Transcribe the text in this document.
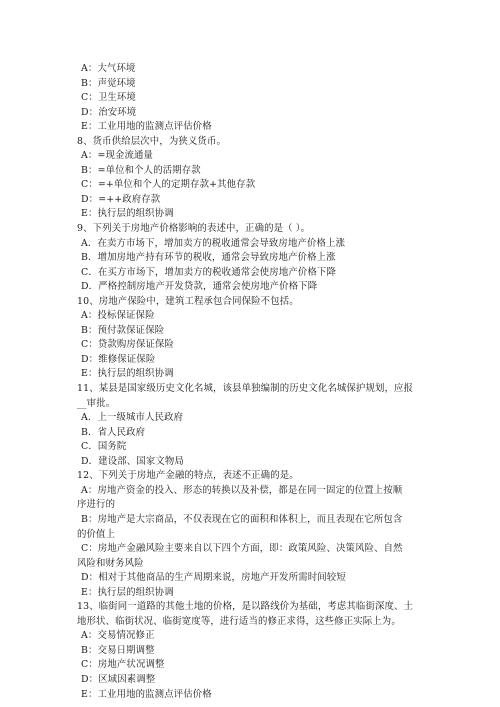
A：大气环境
B：声觉环境
C：卫生环境
D：治安环境
E：工业用地的监测点评估价格
8、货币供给层次中，为狭义货币。
A：=现金流通量
B：=单位和个人的活期存款
C：=+单位和个人的定期存款+其他存款
D：=++政府存款
E：执行层的组织协调
9、下列关于房地产价格影响的表述中，正确的是（ ）。
A．在卖方市场下，增加卖方的税收通常会导致房地产价格上涨
B．增加房地产持有环节的税收，通常会导致房地产价格上涨
C．在买方市场下，增加卖方的税收通常会使房地产价格下降
D．严格控制房地产开发贷款，通常会使房地产价格下降
10、房地产保险中，建筑工程承包合同保险不包括。
A：投标保证保险
B：预付款保证保险
C：贷款购房保证保险
D：维修保证保险
E：执行层的组织协调
11、某县是国家级历史文化名城，该县单独编制的历史文化名城保护规划，应报
__审批。
A．上一级城市人民政府
B．省人民政府
C．国务院
D．建设部、国家文物局
12、下列关于房地产金融的特点，表述不正确的是。
A：房地产资金的投入、形态的转换以及补偿，都是在同一固定的位置上按顺
序进行的
B：房地产是大宗商品，不仅表现在它的面积和体积上，而且表现在它所包含
的价值上
C：房地产金融风险主要来自以下四个方面，即：政策风险、决策风险、自然
风险和财务风险
D：相对于其他商品的生产周期来说，房地产开发所需时间较短
E：执行层的组织协调
13、临街同一道路的其他土地的价格，是以路线价为基础，考虑其临街深度、土
地形状、临街状况、临街宽度等，进行适当的修正求得，这些修正实际上为。
A：交易情况修正
B：交易日期调整
C：房地产状况调整
D：区域因素调整
E：工业用地的监测点评估价格
